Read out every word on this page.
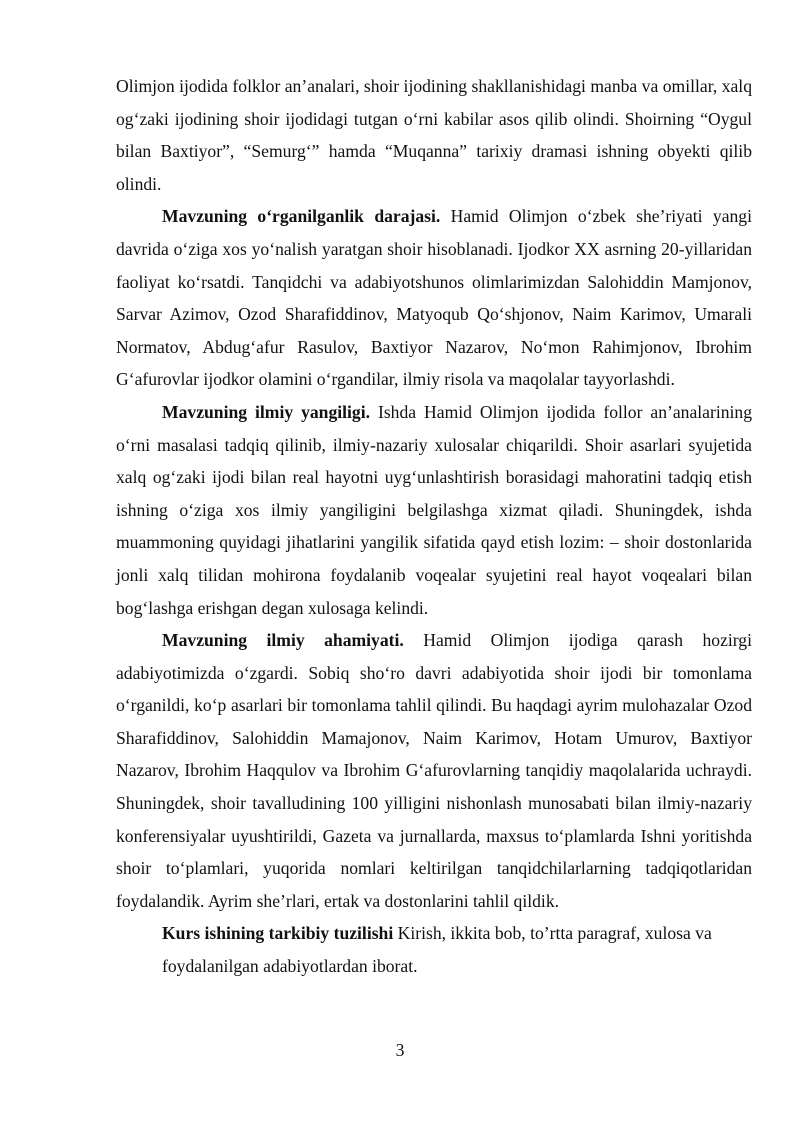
Olimjon ijodida folklor an’analari, shoir ijodining shakllanishidagi manba va omillar, xalq og‘zaki ijodining shoir ijodidagi tutgan o‘rni kabilar asos qilib olindi. Shoirning “Oygul bilan Baxtiyor”, “Semurg‘” hamda “Muqanna” tarixiy dramasi ishning obyekti qilib olindi.

Mavzuning o‘rganilganlik darajasi. Hamid Olimjon o‘zbek she’riyati yangi davrida o‘ziga xos yo‘nalish yaratgan shoir hisoblanadi. Ijodkor XX asrning 20-yillaridan faoliyat ko‘rsatdi. Tanqidchi va adabiyotshunos olimlarimizdan Salohiddin Mamjonov, Sarvar Azimov, Ozod Sharafiddinov, Matyoqub Qo‘shjonov, Naim Karimov, Umarali Normatov, Abdug‘afur Rasulov, Baxtiyor Nazarov, No‘mon Rahimjonov, Ibrohim G‘afurovlar ijodkor olamini o‘rgandilar, ilmiy risola va maqolalar tayyorlashdi.

Mavzuning ilmiy yangiligi. Ishda Hamid Olimjon ijodida follor an’analarining o‘rni masalasi tadqiq qilinib, ilmiy-nazariy xulosalar chiqarildi. Shoir asarlari syujetida xalq og‘zaki ijodi bilan real hayotni uyg‘unlashtirish borasidagi mahoratini tadqiq etish ishning o‘ziga xos ilmiy yangiligini belgilashga xizmat qiladi. Shuningdek, ishda muammoning quyidagi jihatlarini yangilik sifatida qayd etish lozim: – shoir dostonlarida jonli xalq tilidan mohirona foydalanib voqealar syujetini real hayot voqealari bilan bog‘lashga erishgan degan xulosaga kelindi.

Mavzuning ilmiy ahamiyati. Hamid Olimjon ijodiga qarash hozirgi adabiyotimizda o‘zgardi. Sobiq sho‘ro davri adabiyotida shoir ijodi bir tomonlama o‘rganildi, ko‘p asarlari bir tomonlama tahlil qilindi. Bu haqdagi ayrim mulohazalar Ozod Sharafiddinov, Salohiddin Mamajonov, Naim Karimov, Hotam Umurov, Baxtiyor Nazarov, Ibrohim Haqqulov va Ibrohim G‘afurovlarning tanqidiy maqolalarida uchraydi. Shuningdek, shoir tavalludining 100 yilligini nishonlash munosabati bilan ilmiy-nazariy konferensiyalar uyushtirildi, Gazeta va jurnallarda, maxsus to‘plamlarda Ishni yoritishda shoir to‘plamlari, yuqorida nomlari keltirilgan tanqidchilarlarning tadqiqotlaridan foydalandik. Ayrim she’rlari, ertak va dostonlarini tahlil qildik.

Kurs ishining tarkibiy tuzilishi Kirish, ikkita bob, to’rtta paragraf, xulosa va foydalanilgan adabiyotlardan iborat.

3
